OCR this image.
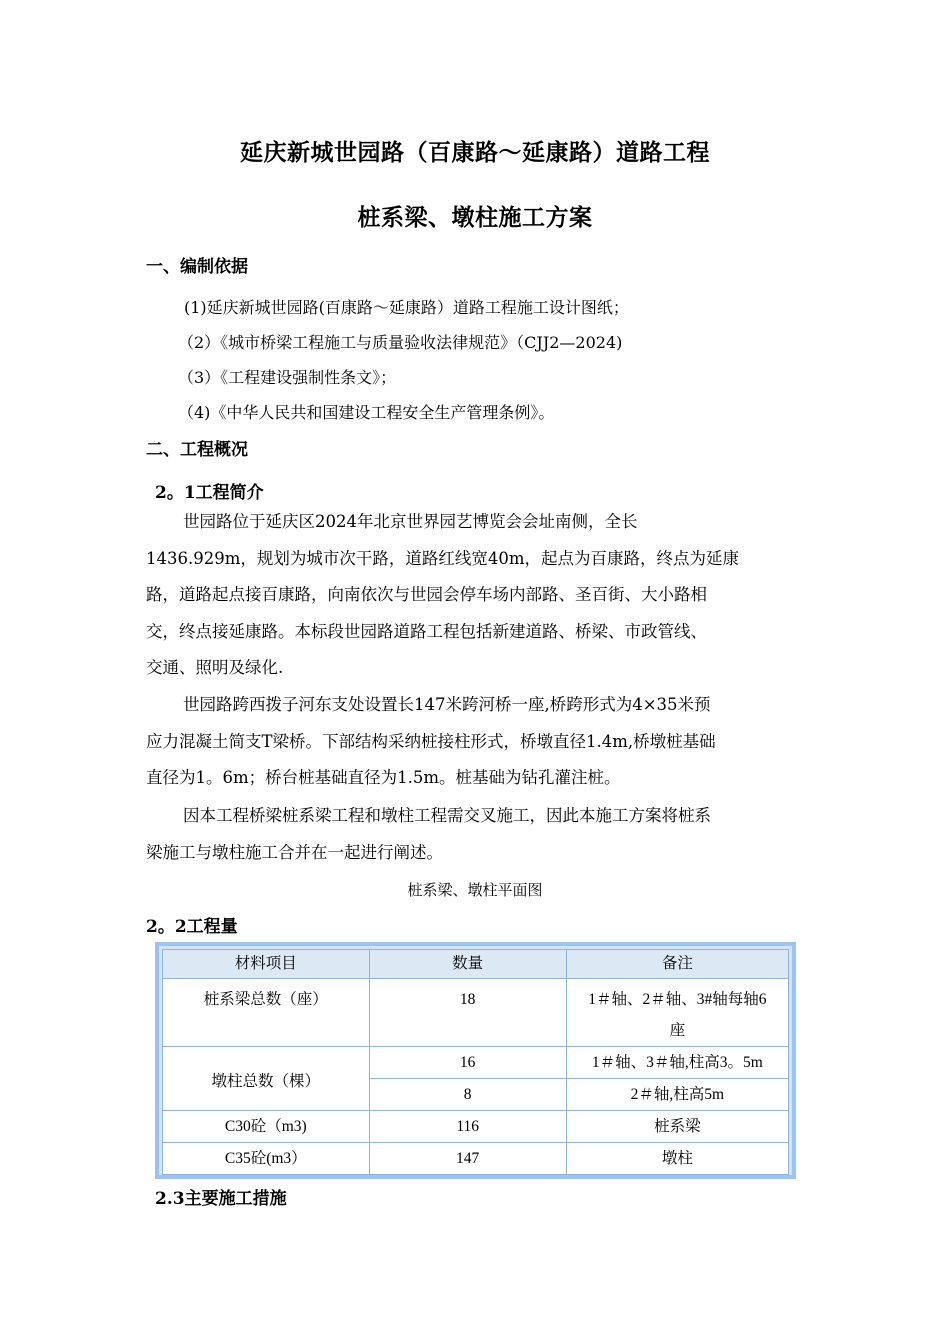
延庆新城世园路（百康路～延康路）道路工程
桩系梁、墩柱施工方案
一、编制依据
(1)延庆新城世园路(百康路～延康路）道路工程施工设计图纸；
（2）《城市桥梁工程施工与质量验收法律规范》（CJJ2—2024)
（3）《工程建设强制性条文》；
（4)《中华人民共和国建设工程安全生产管理条例》。
二、工程概况
2。1工程简介

世园路位于延庆区2024年北京世界园艺博览会会址南侧，全长
1436.929m，规划为城市次干路，道路红线宽40m，起点为百康路，终点为延康
路，道路起点接百康路，向南依次与世园会停车场内部路、圣百街、大小路相
交，终点接延康路。本标段世园路道路工程包括新建道路、桥梁、市政管线、
交通、照明及绿化.

世园路跨西拨子河东支处设置长147米跨河桥一座,桥跨形式为4×35米预
应力混凝土简支T梁桥。下部结构采纳桩接柱形式，桥墩直径1.4m,桥墩桩基础
直径为1。6m；桥台桩基础直径为1.5m。桩基础为钻孔灌注桩。

因本工程桥梁桩系梁工程和墩柱工程需交叉施工，因此本施工方案将桩系
梁施工与墩柱施工合并在一起进行阐述。

桩系梁、墩柱平面图
2。2工程量
材料项目	数量	备注
桩系梁总数（座）	18	1＃轴、2＃轴、3#轴每轴6
座

墩柱总数（棵）	16	1＃轴、3＃轴,柱高3。5m
	8	2＃轴,柱高5m
C30砼（m3)	116	桩系梁
C35砼(m3）	147	墩柱
2.3主要施工措施
